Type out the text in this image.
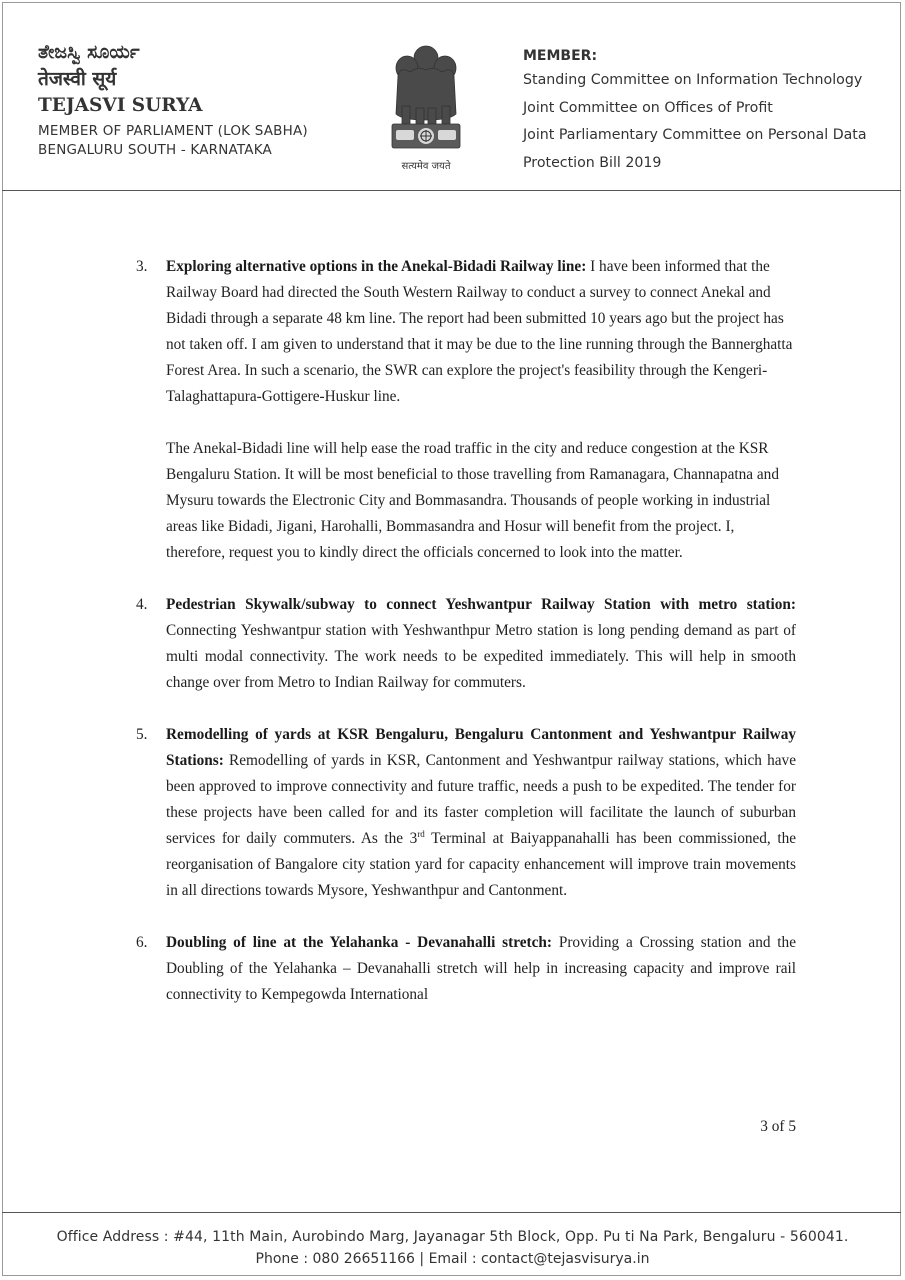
ತೇಜಸ್ವಿ ಸೂರ್ಯ
तेजस्वी सूर्य
TEJASVI SURYA
MEMBER OF PARLIAMENT (LOK SABHA)
BENGALURU SOUTH - KARNATAKA
सत्यमेव जयते
MEMBER:
Standing Committee on Information Technology
Joint Committee on Offices of Profit
Joint Parliamentary Committee on Personal Data
Protection Bill 2019
3.	Exploring alternative options in the Anekal-Bidadi Railway line: I have been informed that the Railway Board had directed the South Western Railway to conduct a survey to connect Anekal and Bidadi through a separate 48 km line. The report had been submitted 10 years ago but the project has not taken off. I am given to understand that it may be due to the line running through the Bannerghatta Forest Area. In such a scenario, the SWR can explore the project's feasibility through the Kengeri-Talaghattapura-Gottigere-Huskur line.
The Anekal-Bidadi line will help ease the road traffic in the city and reduce congestion at the KSR Bengaluru Station. It will be most beneficial to those travelling from Ramanagara, Channapatna and Mysuru towards the Electronic City and Bommasandra. Thousands of people working in industrial areas like Bidadi, Jigani, Harohalli, Bommasandra and Hosur will benefit from the project. I, therefore, request you to kindly direct the officials concerned to look into the matter.
4.	Pedestrian Skywalk/subway to connect Yeshwantpur Railway Station with metro station: Connecting Yeshwantpur station with Yeshwanthpur Metro station is long pending demand as part of multi modal connectivity. The work needs to be expedited immediately. This will help in smooth change over from Metro to Indian Railway for commuters.
5.	Remodelling of yards at KSR Bengaluru, Bengaluru Cantonment and Yeshwantpur Railway Stations: Remodelling of yards in KSR, Cantonment and Yeshwantpur railway stations, which have been approved to improve connectivity and future traffic, needs a push to be expedited. The tender for these projects have been called for and its faster completion will facilitate the launch of suburban services for daily commuters. As the 3rd Terminal at Baiyappanahalli has been commissioned, the reorganisation of Bangalore city station yard for capacity enhancement will improve train movements in all directions towards Mysore, Yeshwanthpur and Cantonment.
6.	Doubling of line at the Yelahanka - Devanahalli stretch: Providing a Crossing station and the Doubling of the Yelahanka – Devanahalli stretch will help in increasing capacity and improve rail connectivity to Kempegowda International
3 of 5
Office Address : #44, 11th Main, Aurobindo Marg, Jayanagar 5th Block, Opp. Pu ti Na Park, Bengaluru - 560041.
Phone : 080 26651166 | Email : contact@tejasvisurya.in
